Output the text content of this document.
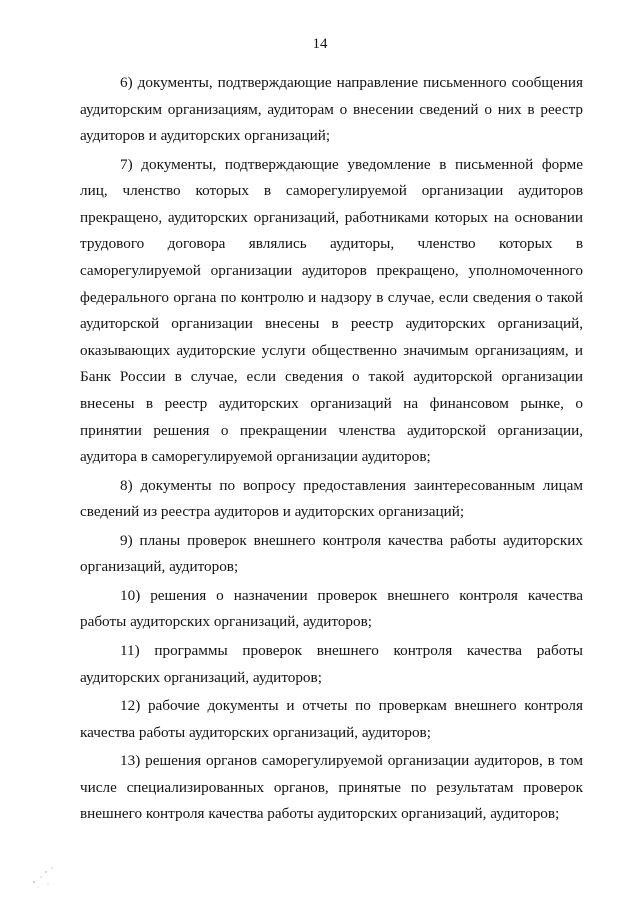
14

6) документы, подтверждающие направление письменного сообщения аудиторским организациям, аудиторам о внесении сведений о них в реестр аудиторов и аудиторских организаций;

7) документы, подтверждающие уведомление в письменной форме лиц, членство которых в саморегулируемой организации аудиторов прекращено, аудиторских организаций, работниками которых на основании трудового договора являлись аудиторы, членство которых в саморегулируемой организации аудиторов прекращено, уполномоченного федерального органа по контролю и надзору в случае, если сведения о такой аудиторской организации внесены в реестр аудиторских организаций, оказывающих аудиторские услуги общественно значимым организациям, и Банк России в случае, если сведения о такой аудиторской организации внесены в реестр аудиторских организаций на финансовом рынке, о принятии решения о прекращении членства аудиторской организации, аудитора в саморегулируемой организации аудиторов;

8) документы по вопросу предоставления заинтересованным лицам сведений из реестра аудиторов и аудиторских организаций;

9) планы проверок внешнего контроля качества работы аудиторских организаций, аудиторов;

10) решения о назначении проверок внешнего контроля качества работы аудиторских организаций, аудиторов;

11) программы проверок внешнего контроля качества работы аудиторских организаций, аудиторов;

12) рабочие документы и отчеты по проверкам внешнего контроля качества работы аудиторских организаций, аудиторов;

13) решения органов саморегулируемой организации аудиторов, в том числе специализированных органов, принятые по результатам проверок внешнего контроля качества работы аудиторских организаций, аудиторов;
